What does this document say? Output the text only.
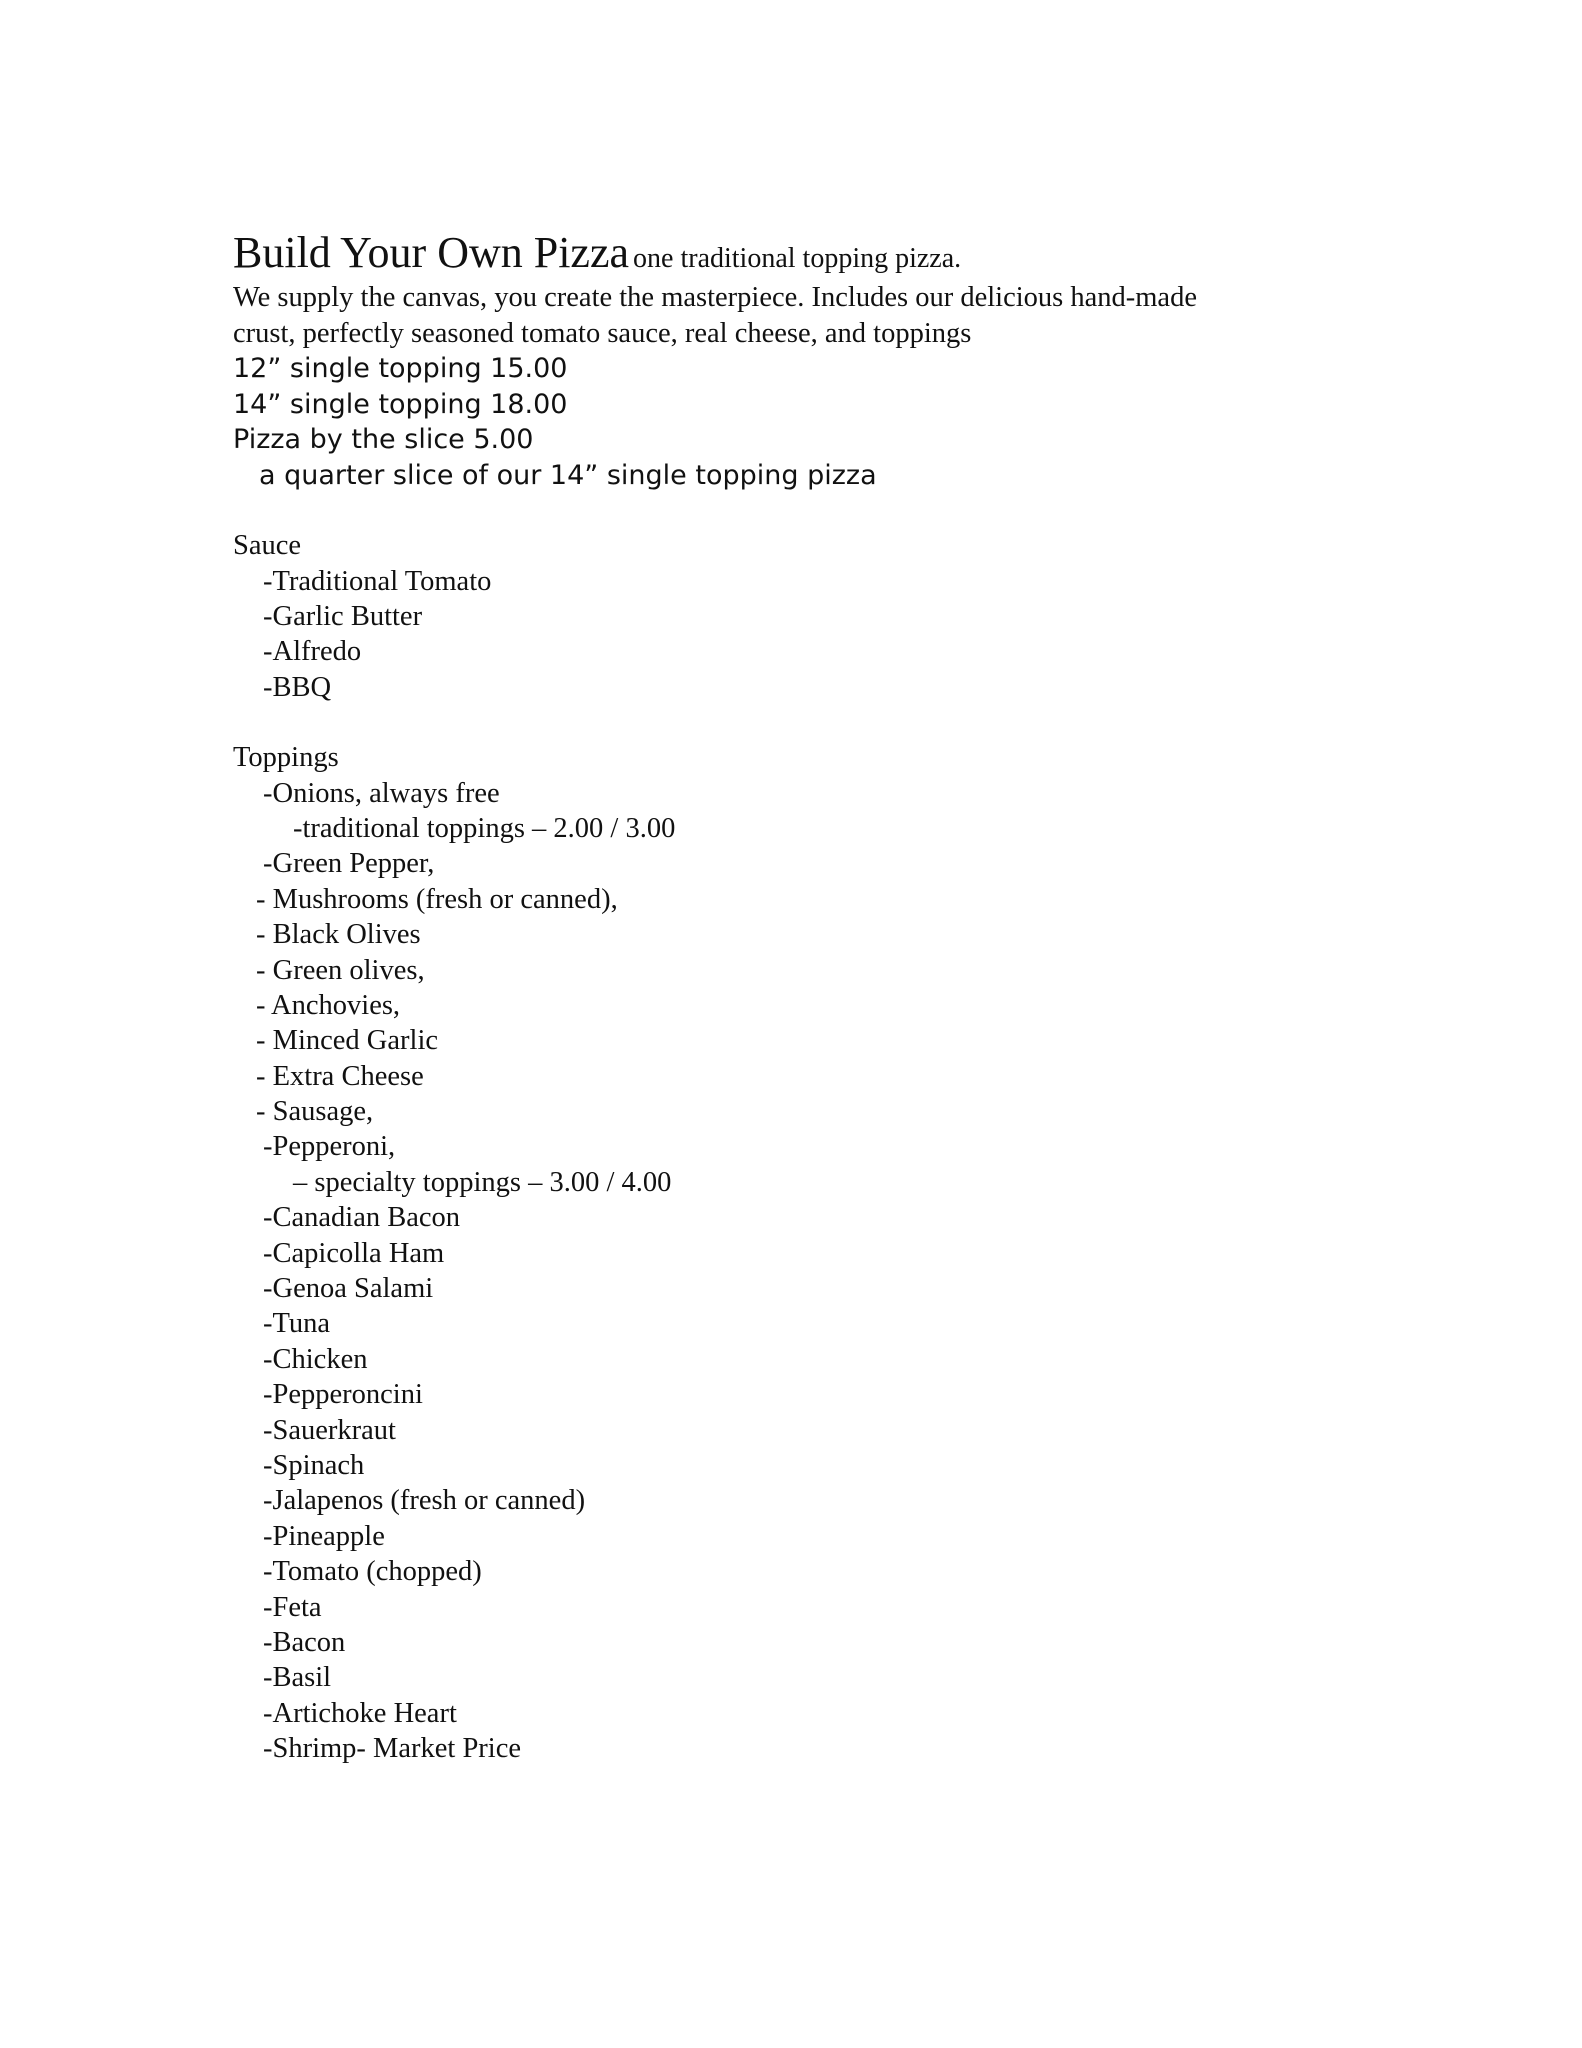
Build Your Own Pizza one traditional topping pizza.
We supply the canvas, you create the masterpiece. Includes our delicious hand-made
crust, perfectly seasoned tomato sauce, real cheese, and toppings
12” single topping 15.00
14” single topping 18.00
Pizza by the slice 5.00
a quarter slice of our 14” single topping pizza
Sauce
-Traditional Tomato
-Garlic Butter
-Alfredo
-BBQ
Toppings
-Onions, always free
-traditional toppings – 2.00 / 3.00
-Green Pepper,
- Mushrooms (fresh or canned),
- Black Olives
- Green olives,
- Anchovies,
- Minced Garlic
- Extra Cheese
- Sausage,
-Pepperoni,
– specialty toppings – 3.00 / 4.00
-Canadian Bacon
-Capicolla Ham
-Genoa Salami
-Tuna
-Chicken
-Pepperoncini
-Sauerkraut
-Spinach
-Jalapenos (fresh or canned)
-Pineapple
-Tomato (chopped)
-Feta
-Bacon
-Basil
-Artichoke Heart
-Shrimp- Market Price
